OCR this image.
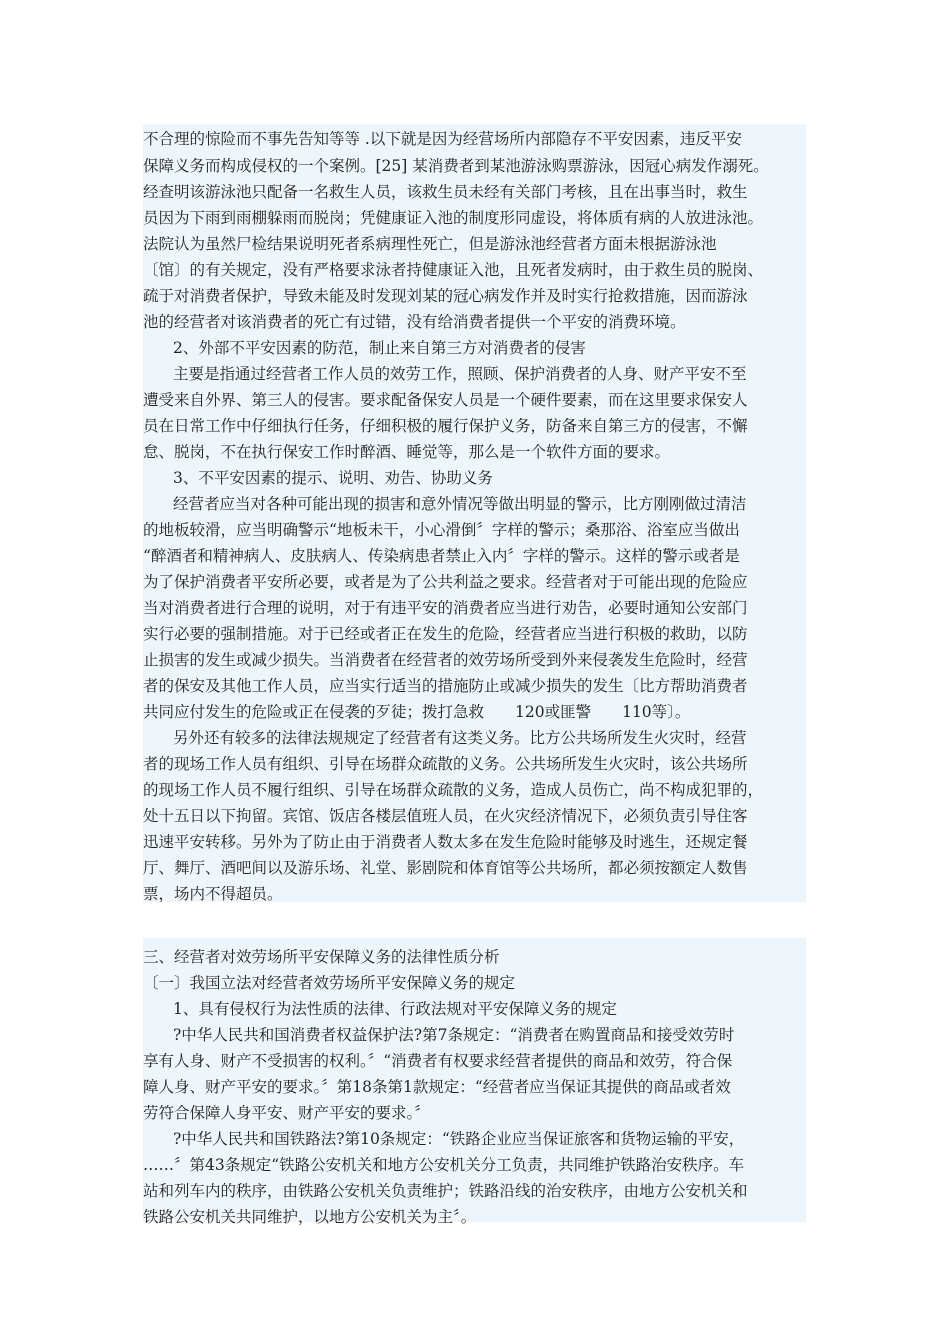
不合理的惊险而不事先告知等等 .以下就是因为经营场所内部隐存不平安因素，违反平安
保障义务而构成侵权的一个案例。[25] 某消费者到某池游泳购票游泳，因冠心病发作溺死。
经查明该游泳池只配备一名救生人员，该救生员未经有关部门考核，且在出事当时，救生
员因为下雨到雨棚躲雨而脱岗；凭健康证入池的制度形同虚设，将体质有病的人放进泳池。
法院认为虽然尸检结果说明死者系病理性死亡，但是游泳池经营者方面未根据游泳池
〔馆〕的有关规定，没有严格要求泳者持健康证入池，且死者发病时，由于救生员的脱岗、
疏于对消费者保护，导致未能及时发现刘某的冠心病发作并及时实行抢救措施，因而游泳
池的经营者对该消费者的死亡有过错，没有给消费者提供一个平安的消费环境。
2、外部不平安因素的防范，制止来自第三方对消费者的侵害
主要是指通过经营者工作人员的效劳工作，照顾、保护消费者的人身、财产平安不至
遭受来自外界、第三人的侵害。要求配备保安人员是一个硬件要素，而在这里要求保安人
员在日常工作中仔细执行任务，仔细积极的履行保护义务，防备来自第三方的侵害，不懈
怠、脱岗，不在执行保安工作时醉酒、睡觉等，那么是一个软件方面的要求。
3、不平安因素的提示、说明、劝告、协助义务
经营者应当对各种可能出现的损害和意外情况等做出明显的警示，比方刚刚做过清洁
的地板较滑，应当明确警示“地板未干，小心滑倒〞字样的警示；桑那浴、浴室应当做出
“醉酒者和精神病人、皮肤病人、传染病患者禁止入内〞字样的警示。这样的警示或者是
为了保护消费者平安所必要，或者是为了公共利益之要求。经营者对于可能出现的危险应
当对消费者进行合理的说明，对于有违平安的消费者应当进行劝告，必要时通知公安部门
实行必要的强制措施。对于已经或者正在发生的危险，经营者应当进行积极的救助，以防
止损害的发生或减少损失。当消费者在经营者的效劳场所受到外来侵袭发生危险时，经营
者的保安及其他工作人员，应当实行适当的措施防止或减少损失的发生〔比方帮助消费者
共同应付发生的危险或正在侵袭的歹徒；拨打急救　　120或匪警　　110等〕。
另外还有较多的法律法规规定了经营者有这类义务。比方公共场所发生火灾时，经营
者的现场工作人员有组织、引导在场群众疏散的义务。公共场所发生火灾时，该公共场所
的现场工作人员不履行组织、引导在场群众疏散的义务，造成人员伤亡，尚不构成犯罪的，
处十五日以下拘留。宾馆、饭店各楼层值班人员，在火灾经济情况下，必须负责引导住客
迅速平安转移。另外为了防止由于消费者人数太多在发生危险时能够及时逃生，还规定餐
厅、舞厅、酒吧间以及游乐场、礼堂、影剧院和体育馆等公共场所，都必须按额定人数售
票，场内不得超员。
三、经营者对效劳场所平安保障义务的法律性质分析
〔一〕我国立法对经营者效劳场所平安保障义务的规定
1、具有侵权行为法性质的法律、行政法规对平安保障义务的规定
?中华人民共和国消费者权益保护法?第7条规定：“消费者在购置商品和接受效劳时
享有人身、财产不受损害的权利。〞“消费者有权要求经营者提供的商品和效劳，符合保
障人身、财产平安的要求。〞第18条第1款规定：“经营者应当保证其提供的商品或者效
劳符合保障人身平安、财产平安的要求。〞
?中华人民共和国铁路法?第10条规定：“铁路企业应当保证旅客和货物运输的平安，
……〞第43条规定“铁路公安机关和地方公安机关分工负责，共同维护铁路治安秩序。车
站和列车内的秩序，由铁路公安机关负责维护；铁路沿线的治安秩序，由地方公安机关和
铁路公安机关共同维护，以地方公安机关为主〞。
